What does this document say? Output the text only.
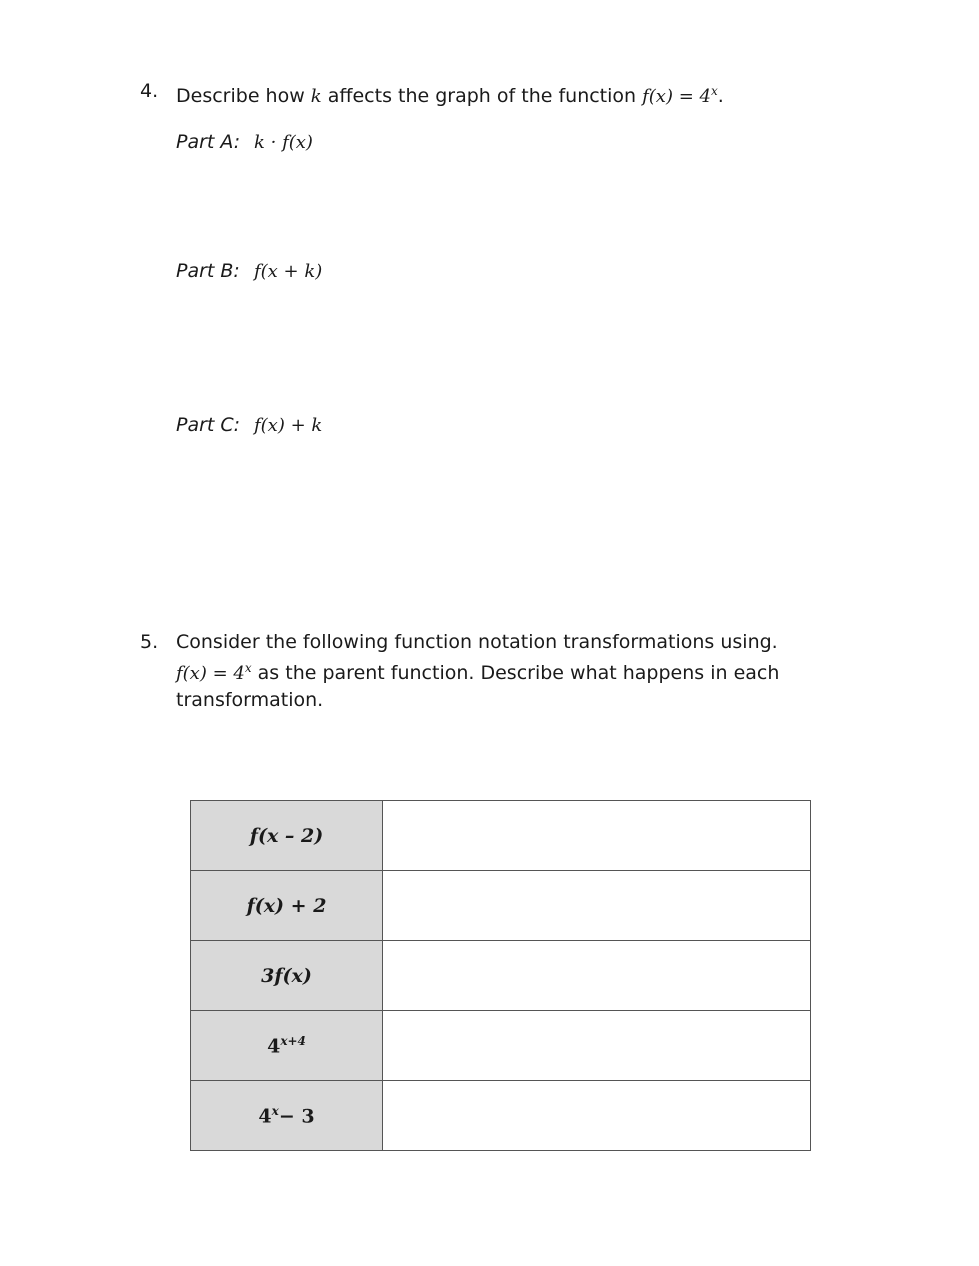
4. Describe how k affects the graph of the function $f(x) = 4^x$.
Part A: k · f(x)
Part B: f(x + k)
Part C: f(x) + k
5. Consider the following function notation transformations using.
$f(x) = 4^x$ as the parent function. Describe what happens in each transformation.
f(x – 2)	
f(x) + 2	
3f(x)	
$4^{x+4}$	
$4^x- 3$	
